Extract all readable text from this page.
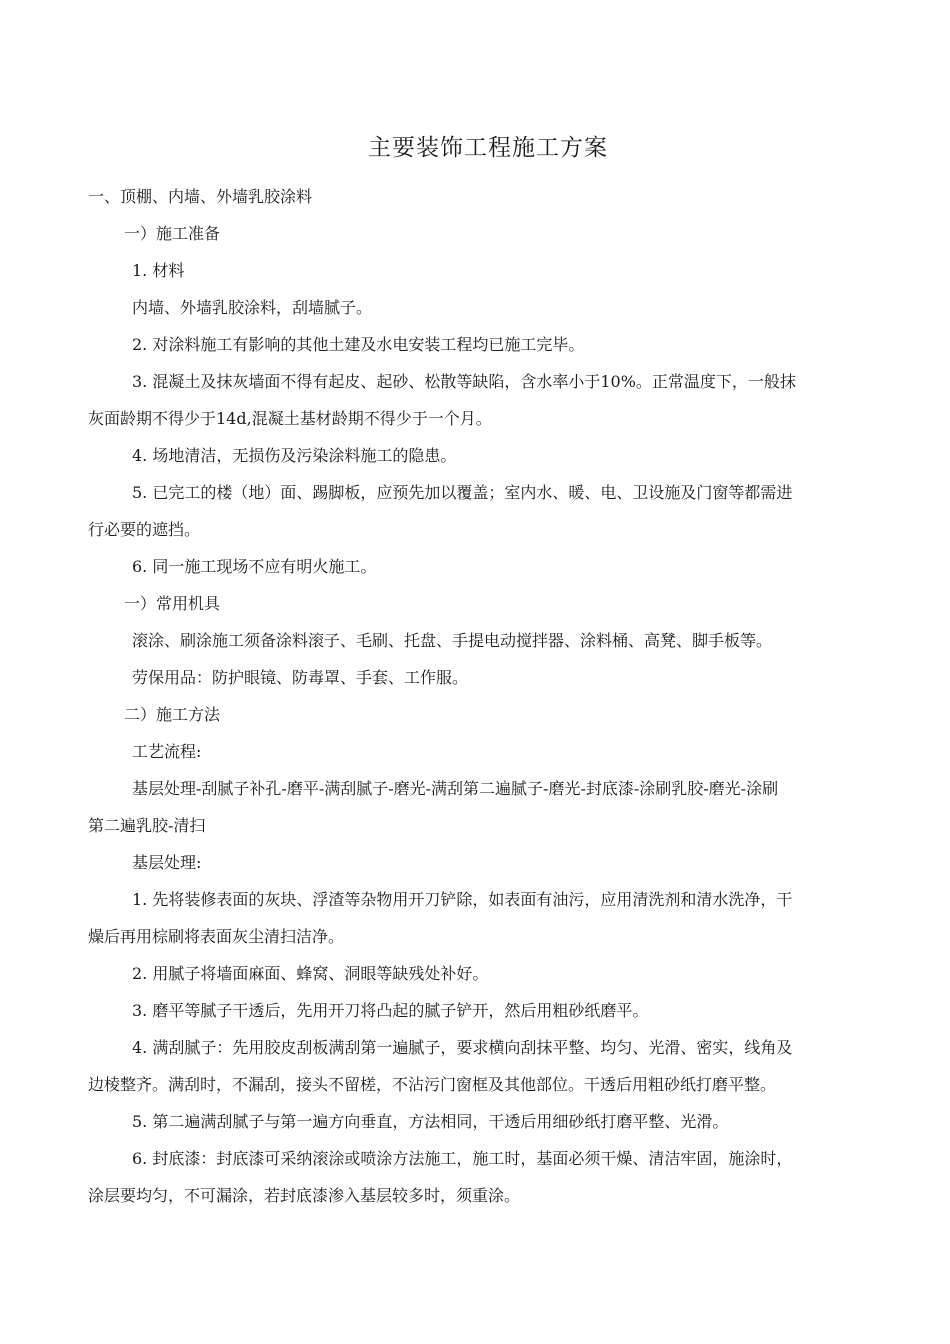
主要装饰工程施工方案

一、顶棚、内墙、外墙乳胶涂料

一）施工准备

1. 材料

内墙、外墙乳胶涂料，刮墙腻子。

2. 对涂料施工有影响的其他土建及水电安装工程均已施工完毕。

3. 混凝土及抹灰墙面不得有起皮、起砂、松散等缺陷，含水率小于10%。正常温度下，一般抹
灰面龄期不得少于14d,混凝土基材龄期不得少于一个月。

4. 场地清洁，无损伤及污染涂料施工的隐患。

5. 已完工的楼（地）面、踢脚板，应预先加以覆盖；室内水、暖、电、卫设施及门窗等都需进
行必要的遮挡。

6. 同一施工现场不应有明火施工。

一）常用机具

滚涂、刷涂施工须备涂料滚子、毛刷、托盘、手提电动搅拌器、涂料桶、高凳、脚手板等。

劳保用品：防护眼镜、防毒罩、手套、工作服。

二）施工方法

工艺流程:

基层处理-刮腻子补孔-磨平-满刮腻子-磨光-满刮第二遍腻子-磨光-封底漆-涂刷乳胶-磨光-涂刷
第二遍乳胶-清扫

基层处理:

1. 先将装修表面的灰块、浮渣等杂物用开刀铲除，如表面有油污，应用清洗剂和清水洗净，干
燥后再用棕刷将表面灰尘清扫洁净。

2. 用腻子将墙面麻面、蜂窝、洞眼等缺残处补好。

3. 磨平等腻子干透后，先用开刀将凸起的腻子铲开，然后用粗砂纸磨平。

4. 满刮腻子：先用胶皮刮板满刮第一遍腻子，要求横向刮抹平整、均匀、光滑、密实，线角及
边棱整齐。满刮时，不漏刮，接头不留槎，不沾污门窗框及其他部位。干透后用粗砂纸打磨平整。

5. 第二遍满刮腻子与第一遍方向垂直，方法相同，干透后用细砂纸打磨平整、光滑。

6. 封底漆：封底漆可采纳滚涂或喷涂方法施工，施工时，基面必须干燥、清洁牢固，施涂时，
涂层要均匀，不可漏涂，若封底漆渗入基层较多时，须重涂。
